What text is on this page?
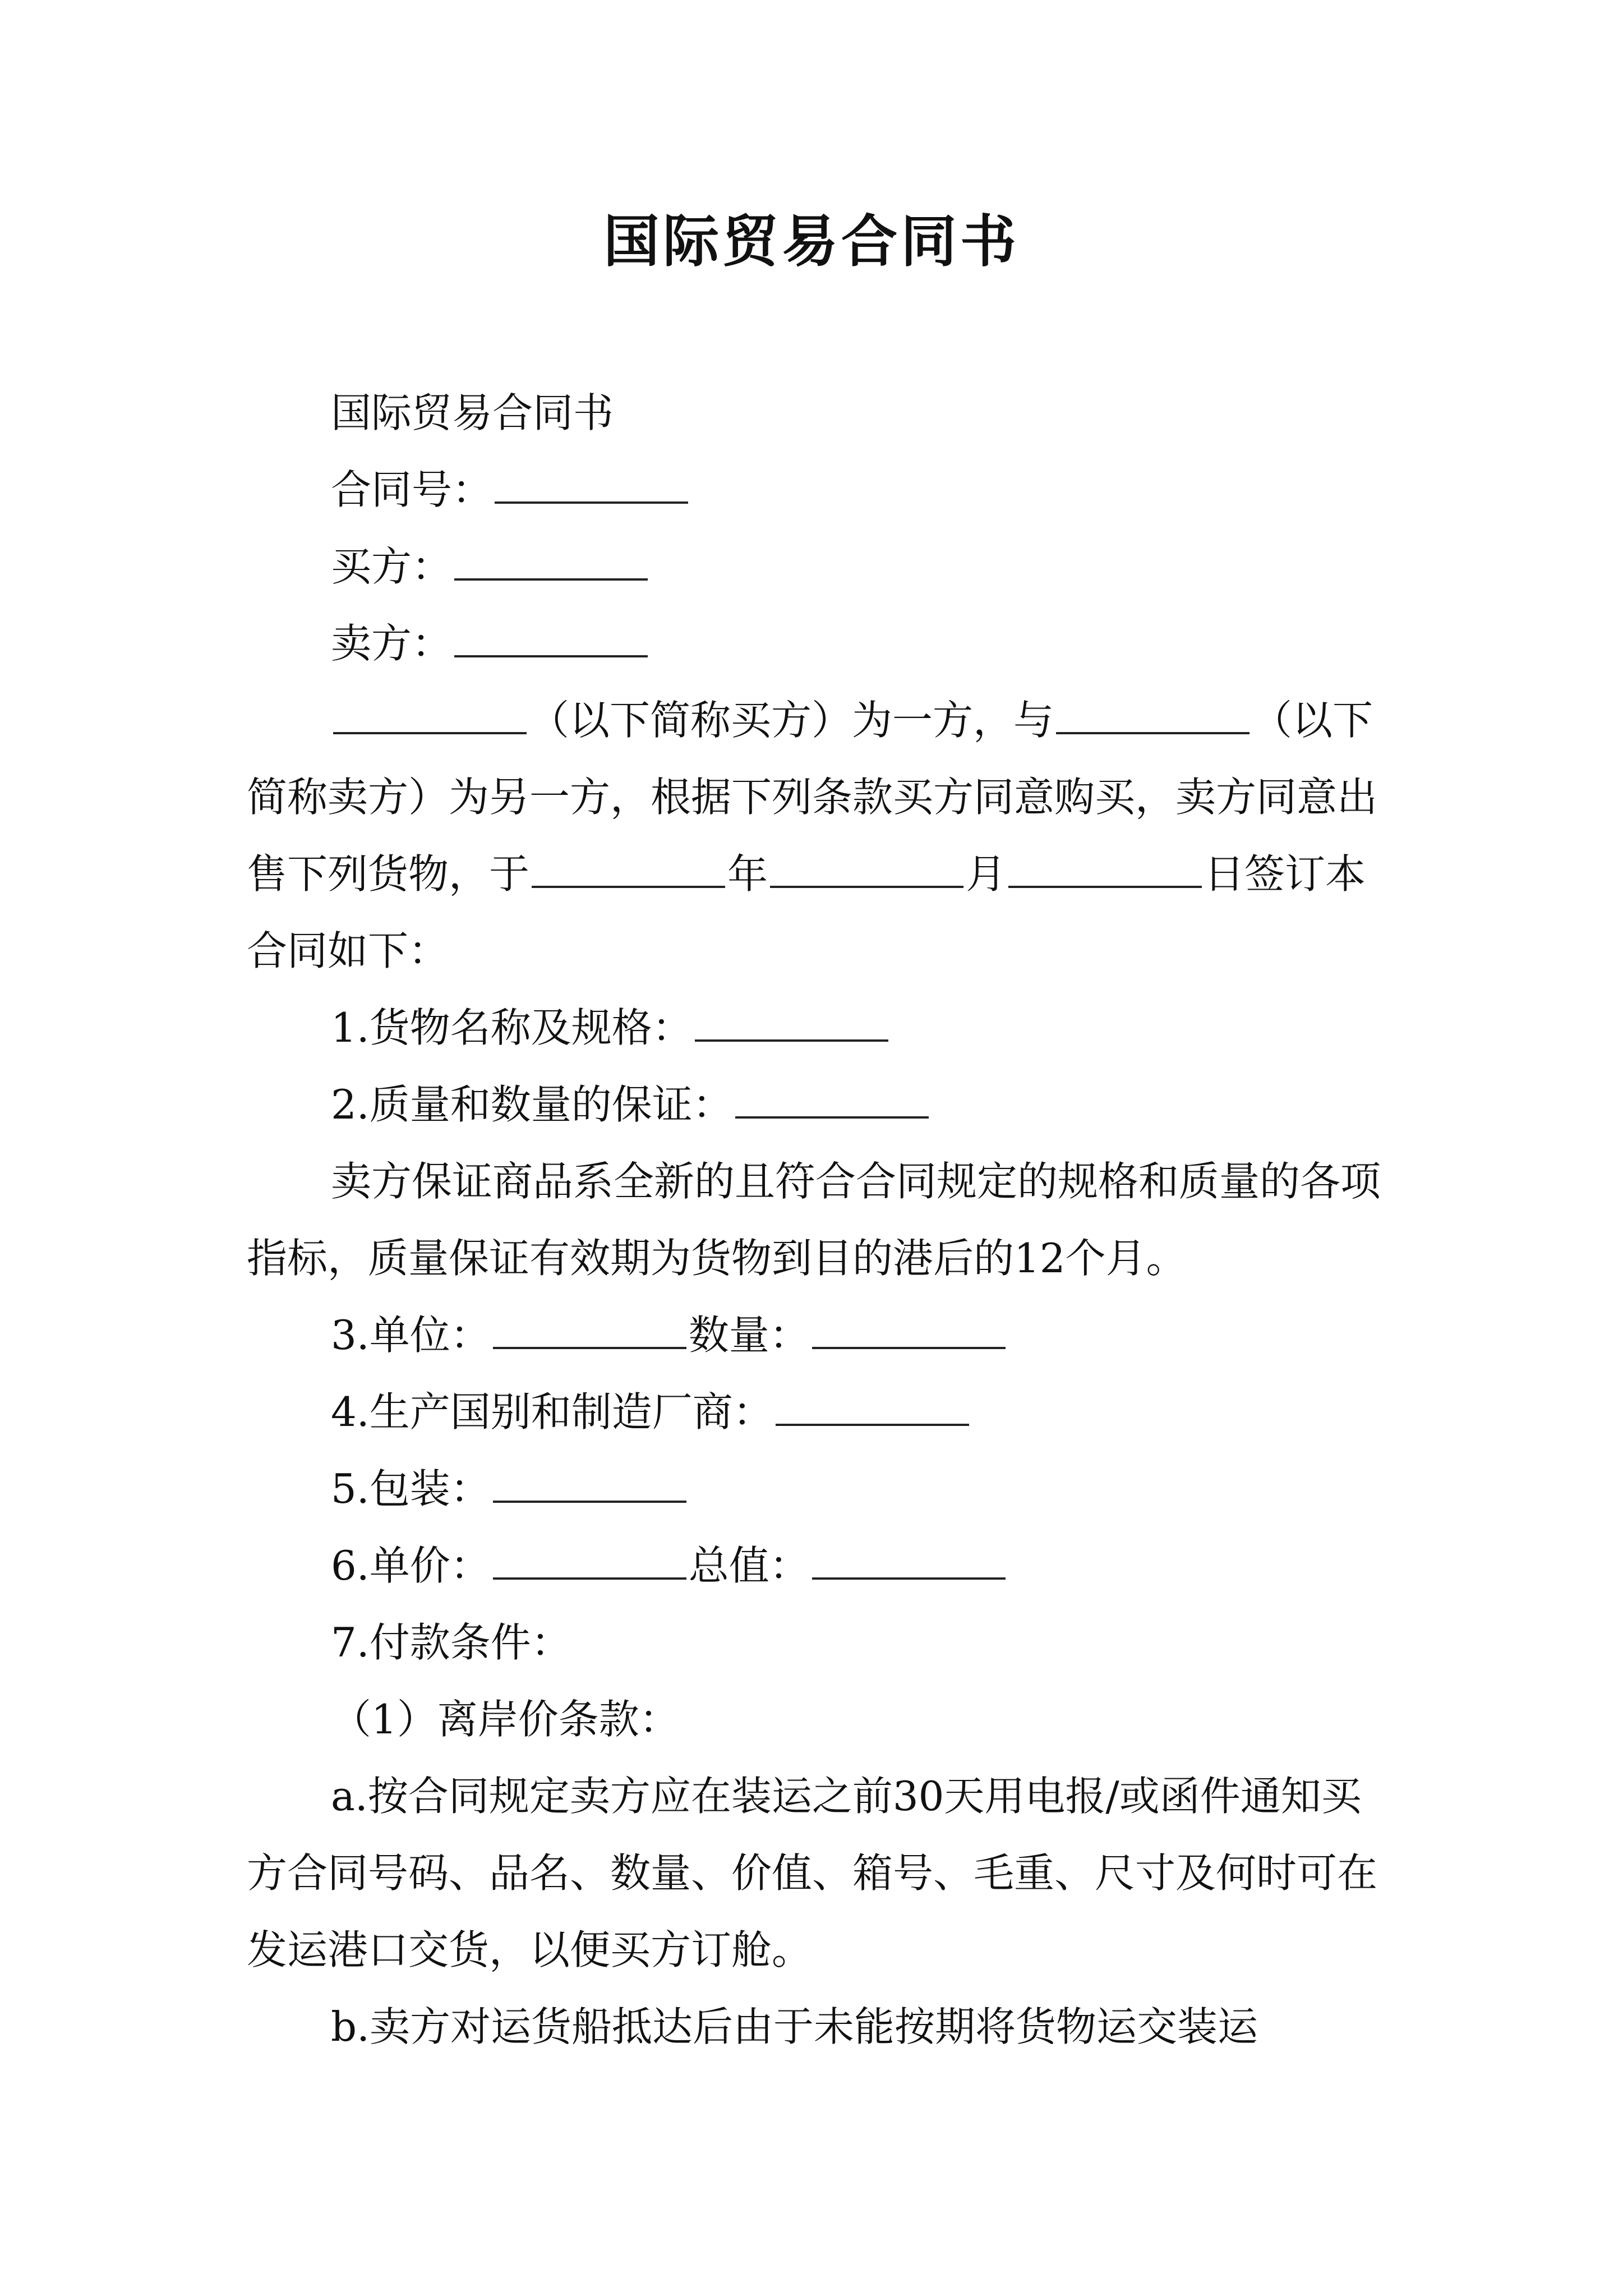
国际贸易合同书

国际贸易合同书

合同号：

买方：

卖方：

（以下简称买方）为一方，与	（以下简称卖方）为另一方，根据下列条款买方同意购买，卖方同意出售下列货物，于	年	月	日签订本合同如下：

1.货物名称及规格：

2.质量和数量的保证：

卖方保证商品系全新的且符合合同规定的规格和质量的各项指标，质量保证有效期为货物到目的港后的12个月。

3.单位：	数量：

4.生产国别和制造厂商：

5.包装：

6.单价：	总值：

7.付款条件：

（1）离岸价条款：

a.按合同规定卖方应在装运之前30天用电报/或函件通知买方合同号码、品名、数量、价值、箱号、毛重、尺寸及何时可在发运港口交货，以便买方订舱。

b.卖方对运货船抵达后由于未能按期将货物运交装运
